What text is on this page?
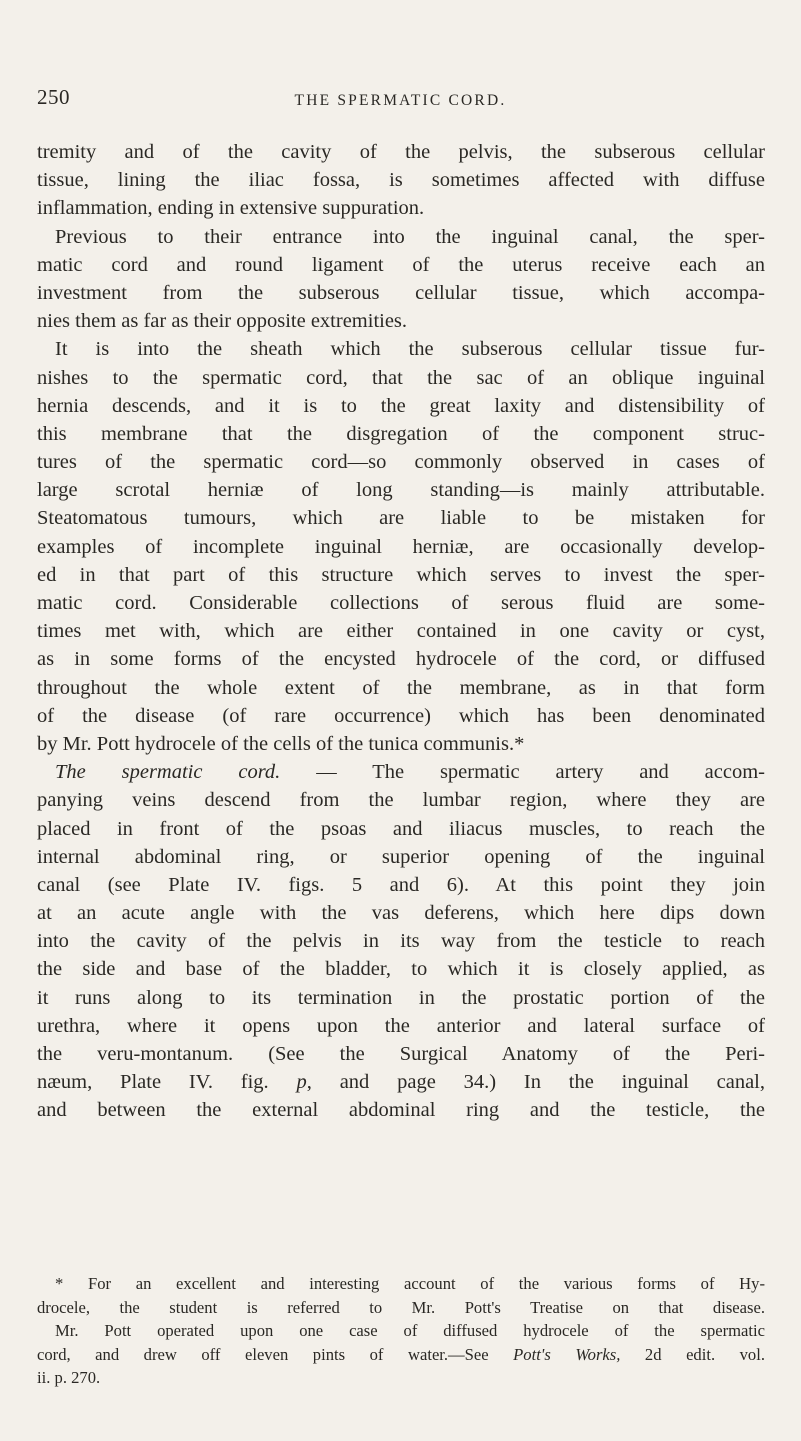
250	THE SPERMATIC CORD.
tremity and of the cavity of the pelvis, the subserous cellular
tissue, lining the iliac fossa, is sometimes affected with diffuse
inflammation, ending in extensive suppuration.
Previous to their entrance into the inguinal canal, the sper-
matic cord and round ligament of the uterus receive each an
investment from the subserous cellular tissue, which accompa-
nies them as far as their opposite extremities.
It is into the sheath which the subserous cellular tissue fur-
nishes to the spermatic cord, that the sac of an oblique inguinal
hernia descends, and it is to the great laxity and distensibility of
this membrane that the disgregation of the component struc-
tures of the spermatic cord—so commonly observed in cases of
large scrotal herniæ of long standing—is mainly attributable.
Steatomatous tumours, which are liable to be mistaken for
examples of incomplete inguinal herniæ, are occasionally develop-
ed in that part of this structure which serves to invest the sper-
matic cord. Considerable collections of serous fluid are some-
times met with, which are either contained in one cavity or cyst,
as in some forms of the encysted hydrocele of the cord, or diffused
throughout the whole extent of the membrane, as in that form
of the disease (of rare occurrence) which has been denominated
by Mr. Pott hydrocele of the cells of the tunica communis.*
The spermatic cord. — The spermatic artery and accom-
panying veins descend from the lumbar region, where they are
placed in front of the psoas and iliacus muscles, to reach the
internal abdominal ring, or superior opening of the inguinal
canal (see Plate IV. figs. 5 and 6). At this point they join
at an acute angle with the vas deferens, which here dips down
into the cavity of the pelvis in its way from the testicle to reach
the side and base of the bladder, to which it is closely applied, as
it runs along to its termination in the prostatic portion of the
urethra, where it opens upon the anterior and lateral surface of
the veru-montanum. (See the Surgical Anatomy of the Peri-
næum, Plate IV. fig. p, and page 34.) In the inguinal canal,
and between the external abdominal ring and the testicle, the
* For an excellent and interesting account of the various forms of Hy-
drocele, the student is referred to Mr. Pott's Treatise on that disease.
Mr. Pott operated upon one case of diffused hydrocele of the spermatic
cord, and drew off eleven pints of water.—See Pott's Works, 2d edit. vol.
ii. p. 270.
